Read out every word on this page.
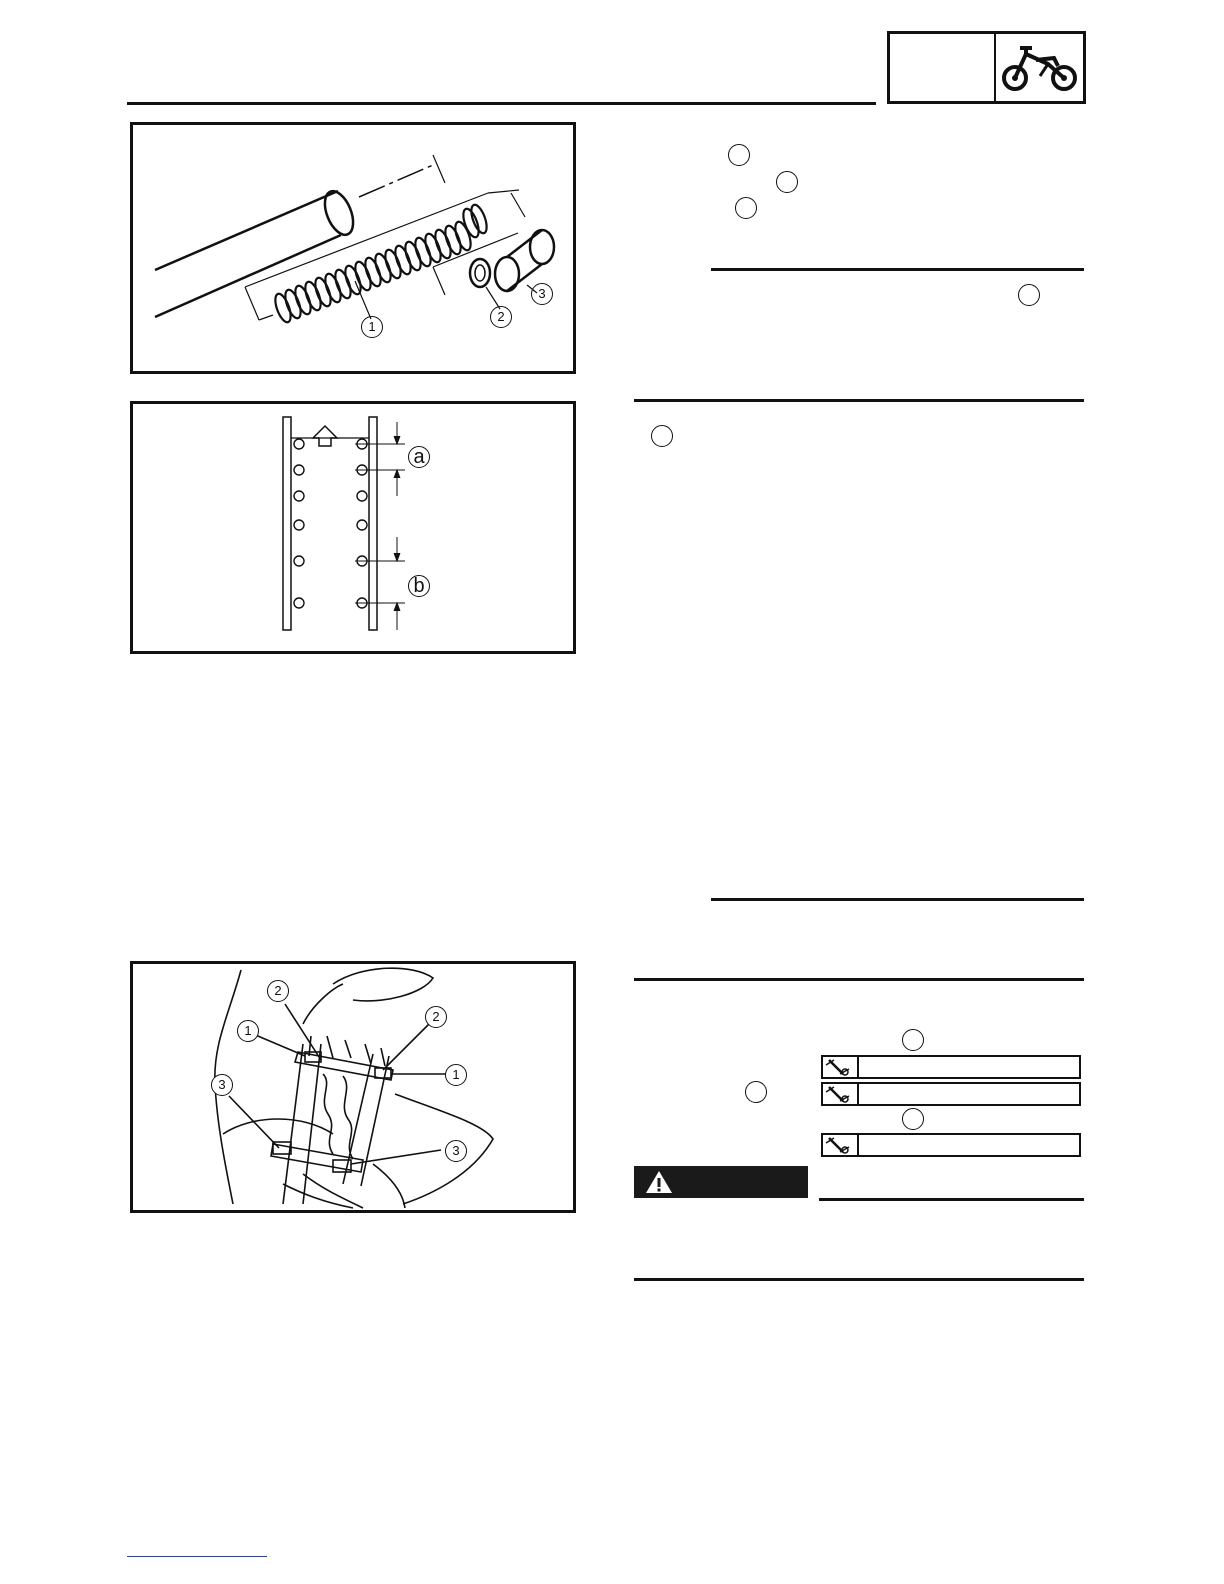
1
2
3
a
b
1
2
1
2
3
3
